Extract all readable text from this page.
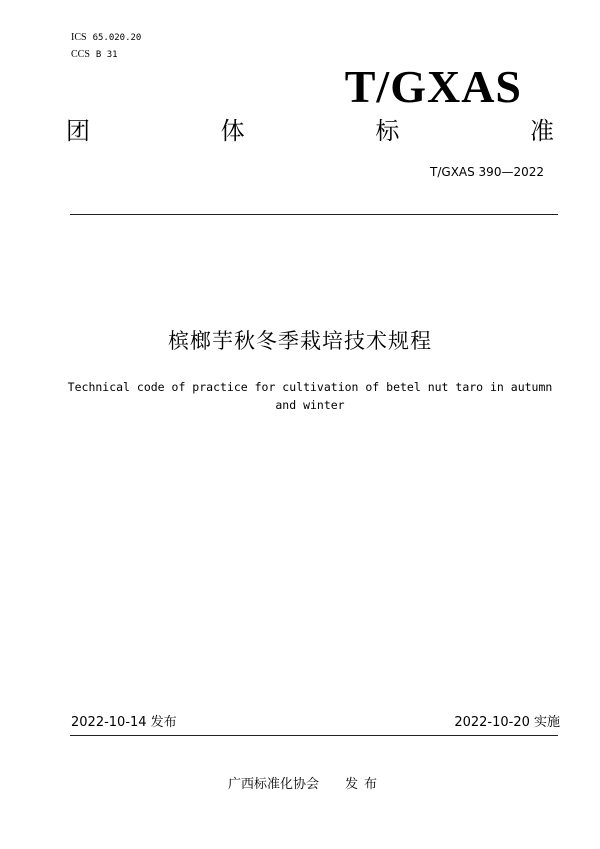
ICS 65.020.20
CCS B 31
T/GXAS
团	体	标	准
T/GXAS 390—2022
槟榔芋秋冬季栽培技术规程
Technical code of practice for cultivation of betel nut taro in autumn
and winter
2022-10-14 发布	2022-10-20 实施
广西标准化协会 发布
